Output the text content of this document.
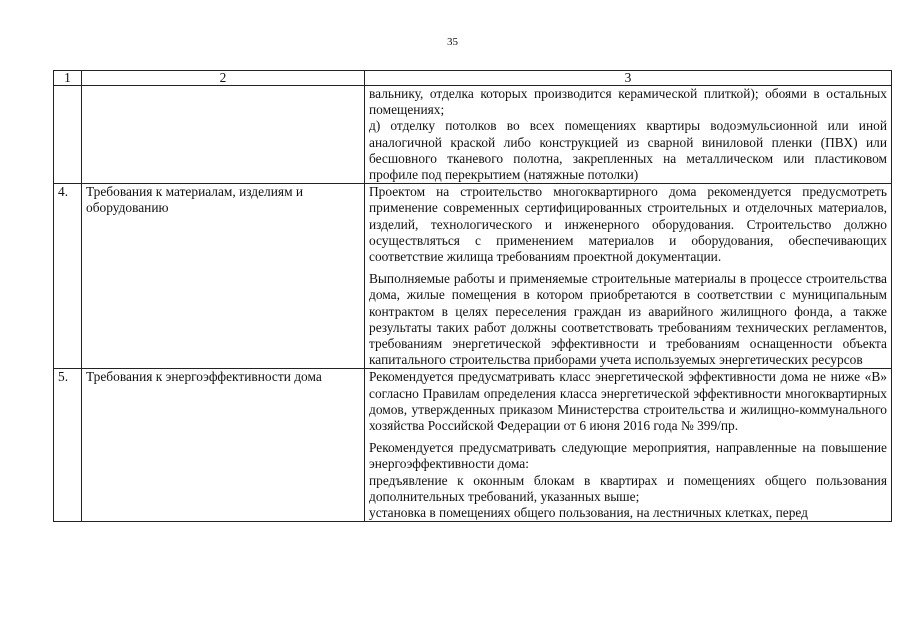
35
1	2	3

		вальнику, отделка которых производится керамической плиткой); обоями в остальных помещениях;

д) отделку потолков во всех помещениях квартиры водоэмульсионной или иной аналогичной краской либо конструкцией из сварной виниловой пленки (ПВХ) или бесшовного тканевого полотна, закрепленных на металлическом или пластиковом профиле под перекрытием (натяжные потолки)

4.	Требования к материалам, изделиям и оборудованию	Проектом на строительство многоквартирного дома рекомендуется предусмотреть применение современных сертифицированных строительных и отделочных материалов, изделий, технологического и инженерного оборудования. Строительство должно осуществляться с применением материалов и оборудования, обеспечивающих соответствие жилища требованиям проектной документации.

Выполняемые работы и применяемые строительные материалы в процессе строительства дома, жилые помещения в котором приобретаются в соответствии с муниципальным контрактом в целях переселения граждан из аварийного жилищного фонда, а также результаты таких работ должны соответствовать требованиям технических регламентов, требованиям энергетической эффективности и требованиям оснащенности объекта капитального строительства приборами учета используемых энергетических ресурсов

5.	Требования к энергоэффективности дома	Рекомендуется предусматривать класс энергетической эффективности дома не ниже «В» согласно Правилам определения класса энергетической эффективности многоквартирных домов, утвержденных приказом Министерства строительства и жилищно-коммунального хозяйства Российской Федерации от 6 июня 2016 года № 399/пр.

Рекомендуется предусматривать следующие мероприятия, направленные на повышение энергоэффективности дома:

предъявление к оконным блокам в квартирах и помещениях общего пользования дополнительных требований, указанных выше;

установка в помещениях общего пользования, на лестничных клетках, перед
